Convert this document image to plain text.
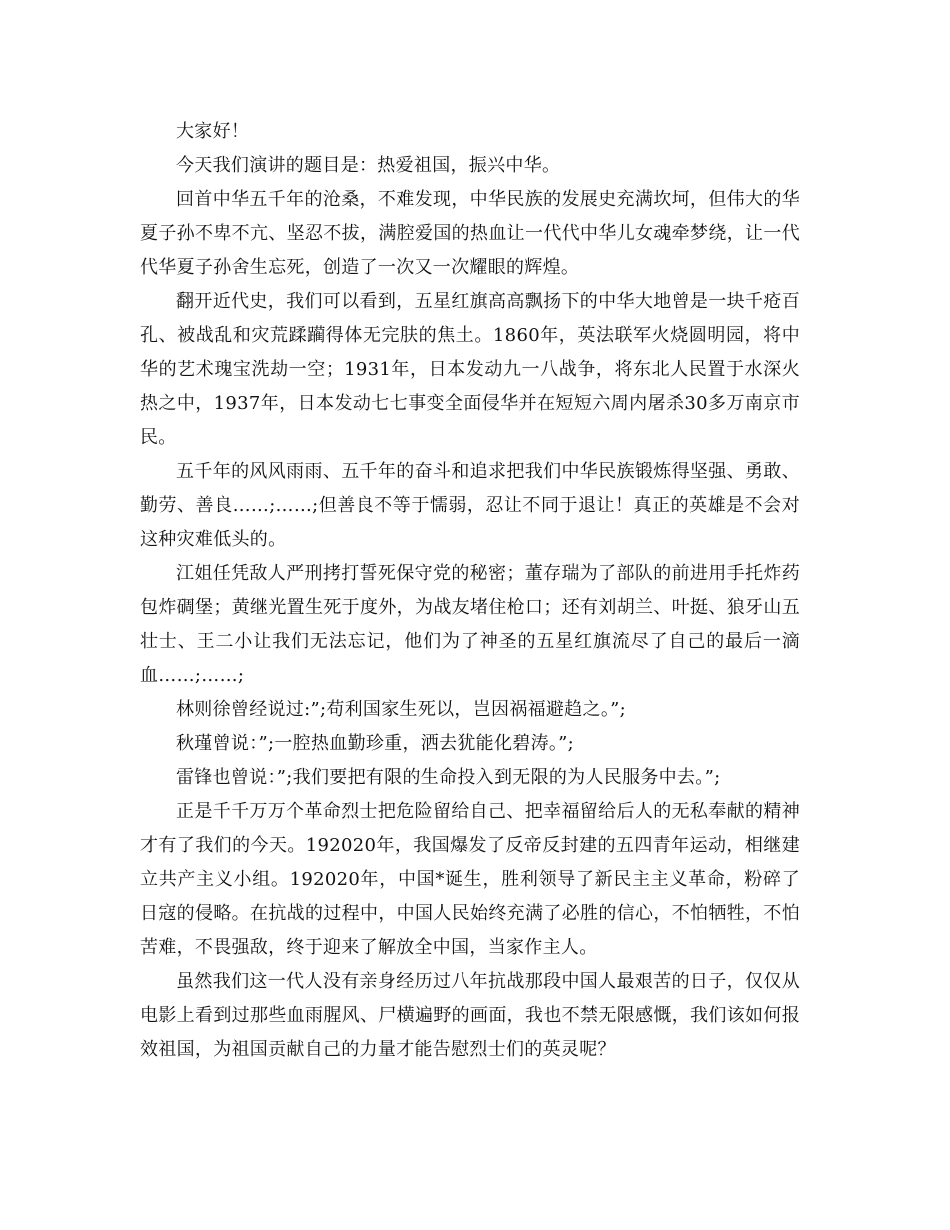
大家好！

今天我们演讲的题目是：热爱祖国，振兴中华。

回首中华五千年的沧桑，不难发现，中华民族的发展史充满坎坷，但伟大的华夏子孙不卑不亢、坚忍不拔，满腔爱国的热血让一代代中华儿女魂牵梦绕，让一代代华夏子孙舍生忘死，创造了一次又一次耀眼的辉煌。

翻开近代史，我们可以看到，五星红旗高高飘扬下的中华大地曾是一块千疮百孔、被战乱和灾荒蹂躏得体无完肤的焦土。1860年，英法联军火烧圆明园，将中华的艺术瑰宝洗劫一空；1931年，日本发动九一八战争，将东北人民置于水深火热之中，1937年，日本发动七七事变全面侵华并在短短六周内屠杀30多万南京市民。

五千年的风风雨雨、五千年的奋斗和追求把我们中华民族锻炼得坚强、勇敢、勤劳、善良……;……;但善良不等于懦弱，忍让不同于退让！真正的英雄是不会对这种灾难低头的。

江姐任凭敌人严刑拷打誓死保守党的秘密；董存瑞为了部队的前进用手托炸药包炸碉堡；黄继光置生死于度外，为战友堵住枪口；还有刘胡兰、叶挺、狼牙山五壮士、王二小让我们无法忘记，他们为了神圣的五星红旗流尽了自己的最后一滴血……;……;

林则徐曾经说过:”;苟利国家生死以，岂因祸福避趋之。”;

秋瑾曾说：”;一腔热血勤珍重，洒去犹能化碧涛。”;

雷锋也曾说：”;我们要把有限的生命投入到无限的为人民服务中去。”;

正是千千万万个革命烈士把危险留给自己、把幸福留给后人的无私奉献的精神才有了我们的今天。192020年，我国爆发了反帝反封建的五四青年运动，相继建立共产主义小组。192020年，中国*诞生，胜利领导了新民主主义革命，粉碎了日寇的侵略。在抗战的过程中，中国人民始终充满了必胜的信心，不怕牺牲，不怕苦难，不畏强敌，终于迎来了解放全中国，当家作主人。

虽然我们这一代人没有亲身经历过八年抗战那段中国人最艰苦的日子，仅仅从电影上看到过那些血雨腥风、尸横遍野的画面，我也不禁无限感慨，我们该如何报效祖国，为祖国贡献自己的力量才能告慰烈士们的英灵呢？
